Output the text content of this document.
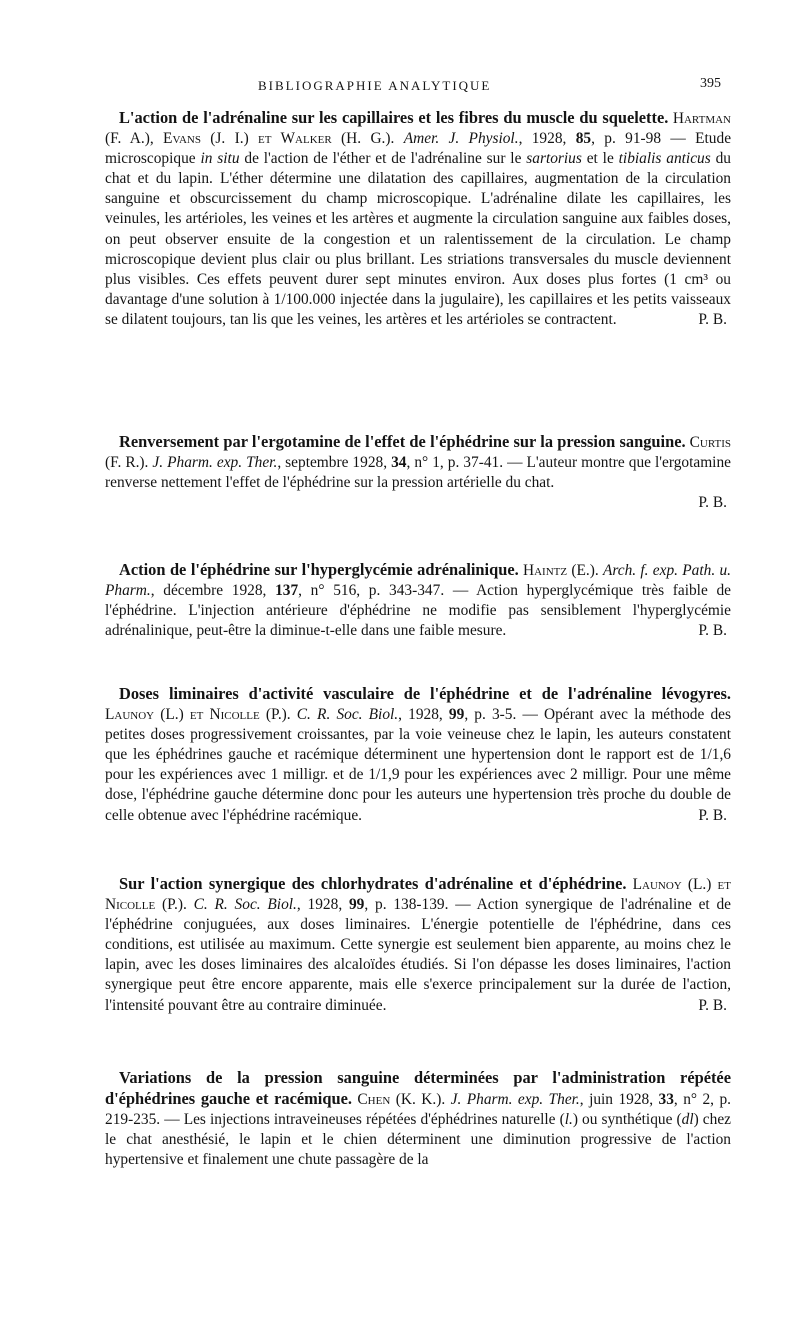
BIBLIOGRAPHIE ANALYTIQUE	395

L'action de l'adrénaline sur les capillaires et les fibres du muscle du squelette. Hartman (F. A.), Evans (J. I.) et Walker (H. G.). Amer. J. Physiol., 1928, 85, p. 91-98 — Etude microscopique in situ de l'action de l'éther et de l'adrénaline sur le sartorius et le tibialis anticus du chat et du lapin. L'éther détermine une dilatation des capillaires, augmentation de la circulation sanguine et obscurcissement du champ microscopique. L'adrénaline dilate les capillaires, les veinules, les artérioles, les veines et les artères et augmente la circulation sanguine aux faibles doses, on peut observer ensuite de la congestion et un ralentissement de la circulation. Le champ microscopique devient plus clair ou plus brillant. Les striations transversales du muscle deviennent plus visibles. Ces effets peuvent durer sept minutes environ. Aux doses plus fortes (1 cm³ ou davantage d'une solution à 1/100.000 injectée dans la jugulaire), les capillaires et les petits vaisseaux se dilatent toujours, tan lis que les veines, les artères et les artérioles se contractent.	P. B.

Renversement par l'ergotamine de l'effet de l'éphédrine sur la pression sanguine. Curtis (F. R.). J. Pharm. exp. Ther., septembre 1928, 34, n° 1, p. 37-41. — L'auteur montre que l'ergotamine renverse nettement l'effet de l'éphédrine sur la pression artérielle du chat.

P. B.

Action de l'éphédrine sur l'hyperglycémie adrénalinique. Haintz (E.). Arch. f. exp. Path. u. Pharm., décembre 1928, 137, n° 516, p. 343-347. — Action hyperglycémique très faible de l'éphédrine. L'injection antérieure d'éphédrine ne modifie pas sensiblement l'hyperglycémie adrénalinique, peut-être la diminue-t-elle dans une faible mesure.	P. B.

Doses liminaires d'activité vasculaire de l'éphédrine et de l'adrénaline lévogyres. Launoy (L.) et Nicolle (P.). C. R. Soc. Biol., 1928, 99, p. 3-5. — Opérant avec la méthode des petites doses progressivement croissantes, par la voie veineuse chez le lapin, les auteurs constatent que les éphédrines gauche et racémique déterminent une hypertension dont le rapport est de 1/1,6 pour les expériences avec 1 milligr. et de 1/1,9 pour les expériences avec 2 milligr. Pour une même dose, l'éphédrine gauche détermine donc pour les auteurs une hypertension très proche du double de celle obtenue avec l'éphédrine racémique.	P. B.

Sur l'action synergique des chlorhydrates d'adrénaline et d'éphédrine. Launoy (L.) et Nicolle (P.). C. R. Soc. Biol., 1928, 99, p. 138-139. — Action synergique de l'adrénaline et de l'éphédrine conjuguées, aux doses liminaires. L'énergie potentielle de l'éphédrine, dans ces conditions, est utilisée au maximum. Cette synergie est seulement bien apparente, au moins chez le lapin, avec les doses liminaires des alcaloïdes étudiés. Si l'on dépasse les doses liminaires, l'action synergique peut être encore apparente, mais elle s'exerce principalement sur la durée de l'action, l'intensité pouvant être au contraire diminuée.	P. B.

Variations de la pression sanguine déterminées par l'administration répétée d'éphédrines gauche et racémique. Chen (K. K.). J. Pharm. exp. Ther., juin 1928, 33, n° 2, p. 219-235. — Les injections intraveineuses répétées d'éphédrines naturelle (l.) ou synthétique (dl) chez le chat anesthésié, le lapin et le chien déterminent une diminution progressive de l'action hypertensive et finalement une chute passagère de la
